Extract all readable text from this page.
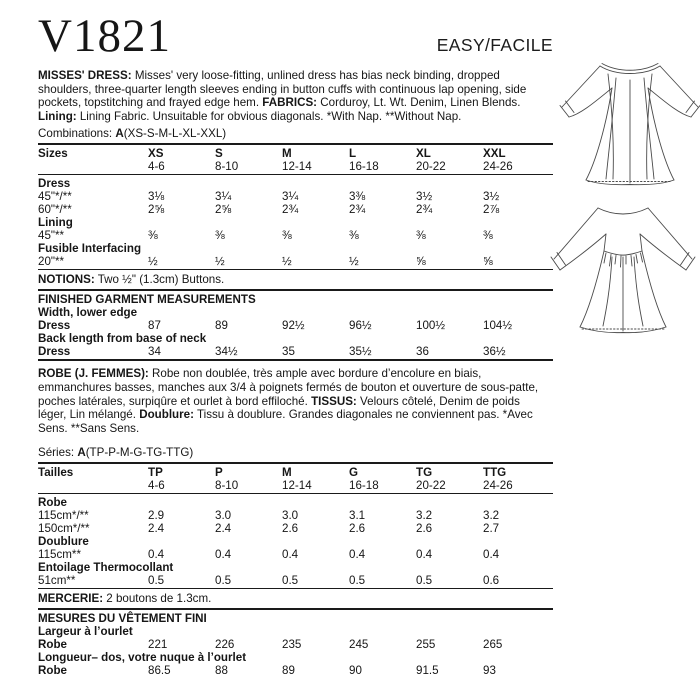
V1821	EASY/FACILE

MISSES' DRESS: Misses' very loose-fitting, unlined dress has bias neck binding, dropped shoulders, three-quarter length sleeves ending in button cuffs with continuous lap opening, side pockets, topstitching and frayed edge hem. FABRICS: Corduroy, Lt. Wt. Denim, Linen Blends. Lining: Lining Fabric. Unsuitable for obvious diagonals. *With Nap. **Without Nap.

Combinations: A(XS-S-M-L-XL-XXL)
Sizes	XS	S	M	L	XL	XXL
4-6	8-10	12-14	16-18	20-22	24-26
Dress
45"*/**	3⅛	3¼	3¼	3⅜	3½	3½
60"*/**	2⅝	2⅝	2¾	2¾	2¾	2⅞
Lining
45"**	⅜	⅜	⅜	⅜	⅜	⅜
Fusible Interfacing
20"**	½	½	½	½	⅝	⅝
NOTIONS: Two ½" (1.3cm) Buttons.
FINISHED GARMENT MEASUREMENTS
Width, lower edge
Dress	87	89	92½	96½	100½	104½
Back length from base of neck
Dress	34	34½	35	35½	36	36½

ROBE (J. FEMMES): Robe non doublée, très ample avec bordure d’encolure en biais, emmanchures basses, manches aux 3/4 à poignets fermés de bouton et ouverture de sous-patte, poches latérales, surpiqûre et ourlet à bord effiloché. TISSUS: Velours côtelé, Denim de poids léger, Lin mélangé. Doublure: Tissu à doublure. Grandes diagonales ne conviennent pas. *Avec Sens. **Sans Sens.

Séries: A(TP-P-M-G-TG-TTG)
Tailles	TP	P	M	G	TG	TTG
4-6	8-10	12-14	16-18	20-22	24-26
Robe
115cm*/**	2.9	3.0	3.0	3.1	3.2	3.2
150cm*/**	2.4	2.4	2.6	2.6	2.6	2.7
Doublure
115cm**	0.4	0.4	0.4	0.4	0.4	0.4
Entoilage Thermocollant
51cm**	0.5	0.5	0.5	0.5	0.5	0.6
MERCERIE: 2 boutons de 1.3cm.
MESURES DU VÊTEMENT FINI
Largeur à l’ourlet
Robe	221	226	235	245	255	265
Longueur– dos, votre nuque à l’ourlet
Robe	86.5	88	89	90	91.5	93
